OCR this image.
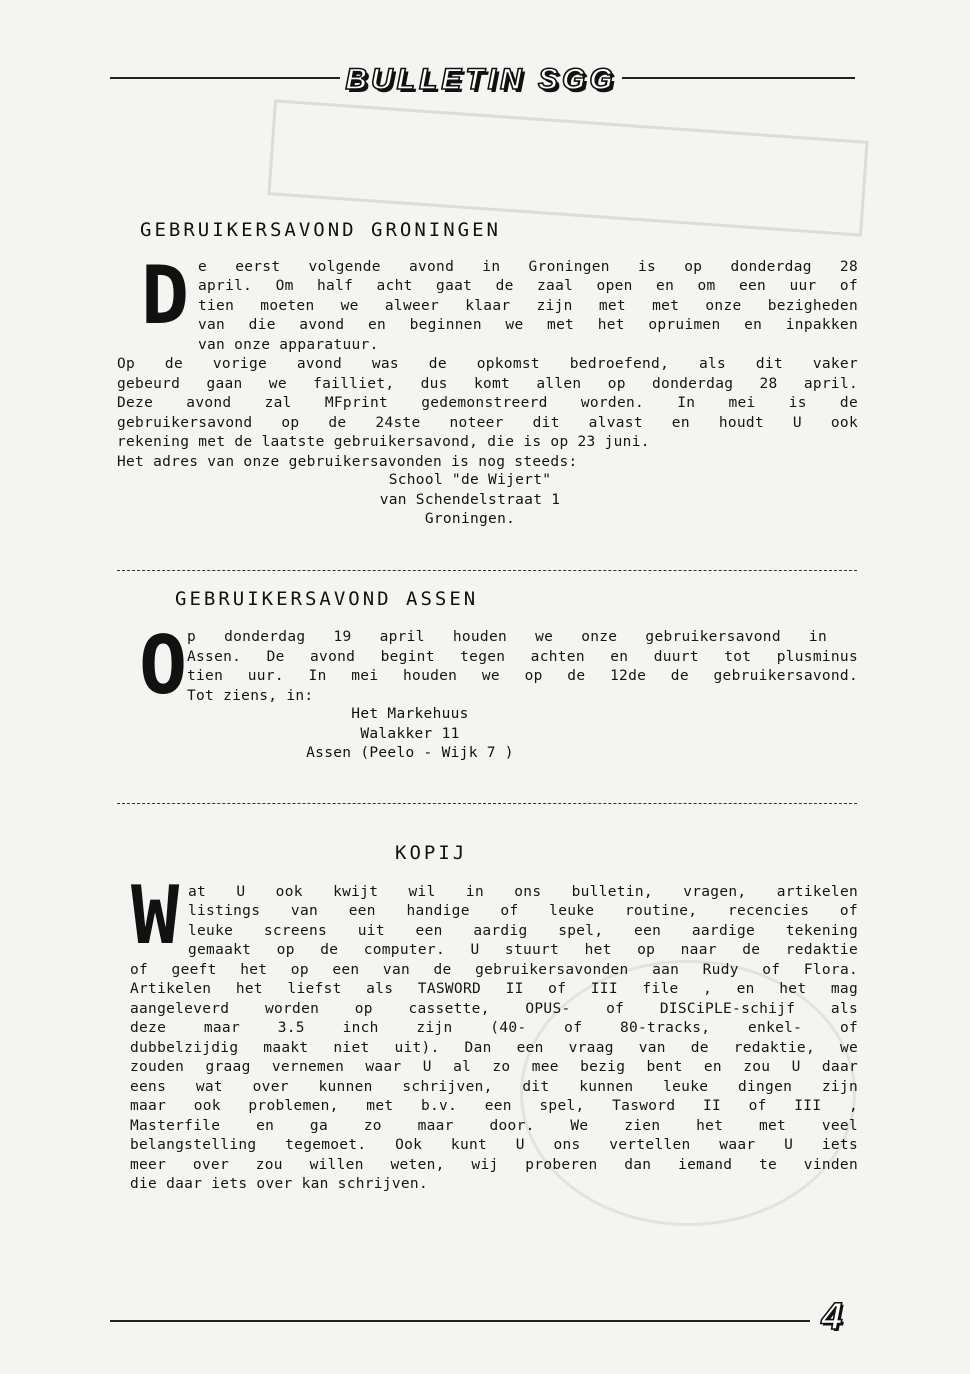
BULLETIN SGG
GEBRUIKERSAVOND GRONINGEN
D e eerst volgende avond in Groningen is op donderdag 28
april. Om half acht gaat de zaal open en om een uur of
tien moeten we alweer klaar zijn met met onze bezigheden
van die avond en beginnen we met het opruimen en inpakken
van onze apparatuur.
Op de vorige avond was de opkomst bedroefend, als dit vaker
gebeurd gaan we failliet, dus komt allen op donderdag 28 april.
Deze avond zal MFprint gedemonstreerd worden. In mei is de
gebruikersavond op de 24ste noteer dit alvast en houdt U ook
rekening met de laatste gebruikersavond, die is op 23 juni.
Het adres van onze gebruikersavonden is nog steeds:
School "de Wijert"
van Schendelstraat 1
Groningen.
GEBRUIKERSAVOND ASSEN
O p donderdag 19 april houden we onze gebruikersavond in
Assen. De avond begint tegen achten en duurt tot plusminus
tien uur. In mei houden we op de 12de de gebruikersavond.
Tot ziens, in:
Het Markehuus
Walakker 11
Assen (Peelo - Wijk 7 )
KOPIJ
W at U ook kwijt wil in ons bulletin, vragen, artikelen
listings van een handige of leuke routine, recencies of
leuke screens uit een aardig spel, een aardige tekening
gemaakt op de computer. U stuurt het op naar de redaktie
of geeft het op een van de gebruikersavonden aan Rudy of Flora.
Artikelen het liefst als TASWORD II of III file , en het mag
aangeleverd worden op cassette, OPUS- of DISCiPLE-schijf als
deze maar 3.5 inch zijn (40- of 80-tracks, enkel- of
dubbelzijdig maakt niet uit). Dan een vraag van de redaktie, we
zouden graag vernemen waar U al zo mee bezig bent en zou U daar
eens wat over kunnen schrijven, dit kunnen leuke dingen zijn
maar ook problemen, met b.v. een spel, Tasword II of III ,
Masterfile en ga zo maar door. We zien het met veel
belangstelling tegemoet. Ook kunt U ons vertellen waar U iets
meer over zou willen weten, wij proberen dan iemand te vinden
die daar iets over kan schrijven.
4
